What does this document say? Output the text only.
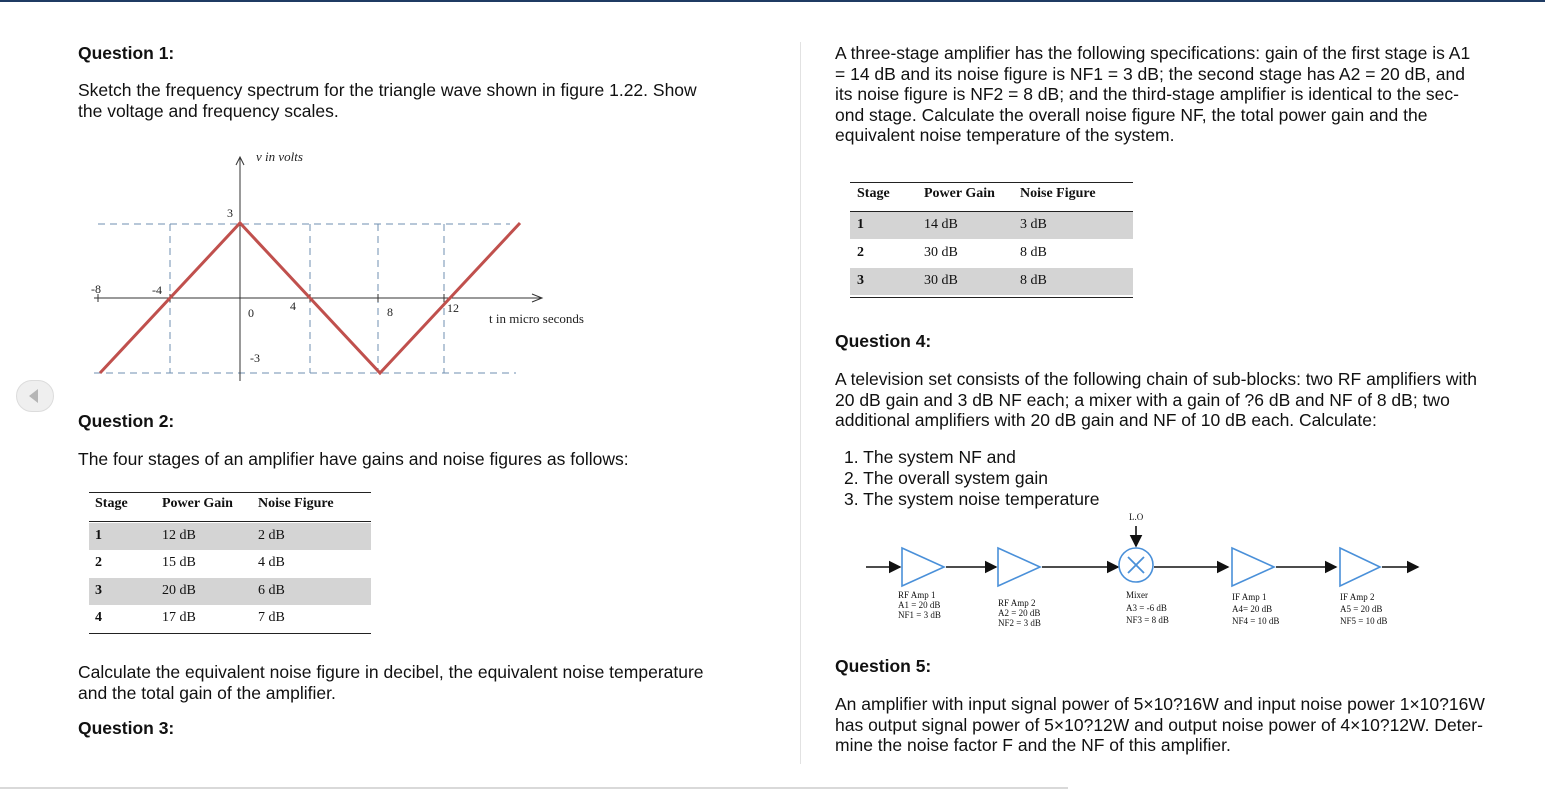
Question 1:
Sketch the frequency spectrum for the triangle wave shown in figure 1.22. Show
the voltage and frequency scales.
v in volts
t in micro seconds
-8	-4
0	4	8	12
3
-3
Question 2:
The four stages of an amplifier have gains and noise figures as follows:
Stage Power Gain Noise Figure
1	12 dB	2 dB
2	15 dB	4 dB
3	20 dB	6 dB
4	17 dB	7 dB
Calculate the equivalent noise figure in decibel, the equivalent noise temperature
and the total gain of the amplifier.
Question 3:
A three-stage amplifier has the following specifications: gain of the first stage is A1
= 14 dB and its noise figure is NF1 = 3 dB; the second stage has A2 = 20 dB, and
its noise figure is NF2 = 8 dB; and the third-stage amplifier is identical to the sec-
ond stage. Calculate the overall noise figure NF, the total power gain and the
equivalent noise temperature of the system.
Stage Power Gain Noise Figure
1	14 dB	3 dB
2	30 dB	8 dB
3	30 dB	8 dB
Question 4:
A television set consists of the following chain of sub-blocks: two RF amplifiers with
20 dB gain and 3 dB NF each; a mixer with a gain of ?6 dB and NF of 8 dB; two
additional amplifiers with 20 dB gain and NF of 10 dB each. Calculate:
1. The system NF and
2. The overall system gain
3. The system noise temperature
L.O
RF Amp 1
A1 = 20 dB
NF1 = 3 dB
RF Amp 2
A2 = 20 dB
NF2 = 3 dB
Mixer
A3 = -6 dB
NF3 = 8 dB
IF Amp 1
A4= 20 dB
NF4 = 10 dB
IF Amp 2
A5 = 20 dB
NF5 = 10 dB
Question 5:
An amplifier with input signal power of 5×10?16W and input noise power 1×10?16W
has output signal power of 5×10?12W and output noise power of 4×10?12W. Deter-
mine the noise factor F and the NF of this amplifier.
